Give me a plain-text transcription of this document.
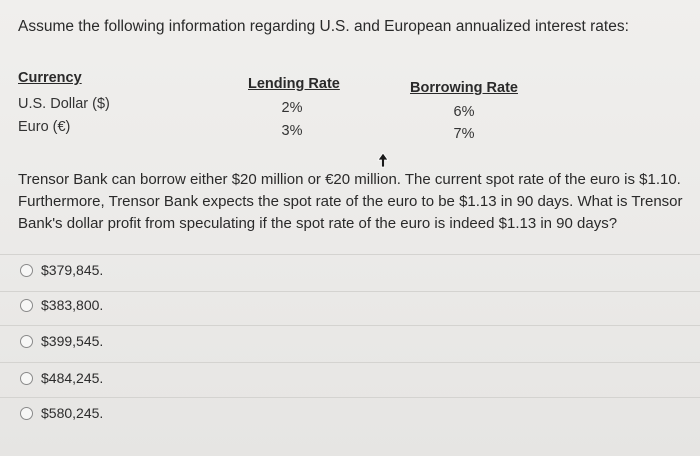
Assume the following information regarding U.S. and European annualized interest rates:
Currency	Lending Rate	Borrowing Rate
U.S. Dollar ($)	2%	6%
Euro (€)	3%	7%
Trensor Bank can borrow either $20 million or €20 million. The current spot rate of the euro is $1.10. Furthermore, Trensor Bank expects the spot rate of the euro to be $1.13 in 90 days. What is Trensor Bank's dollar profit from speculating if the spot rate of the euro is indeed $1.13 in 90 days?
$379,845.
$383,800.
$399,545.
$484,245.
$580,245.
